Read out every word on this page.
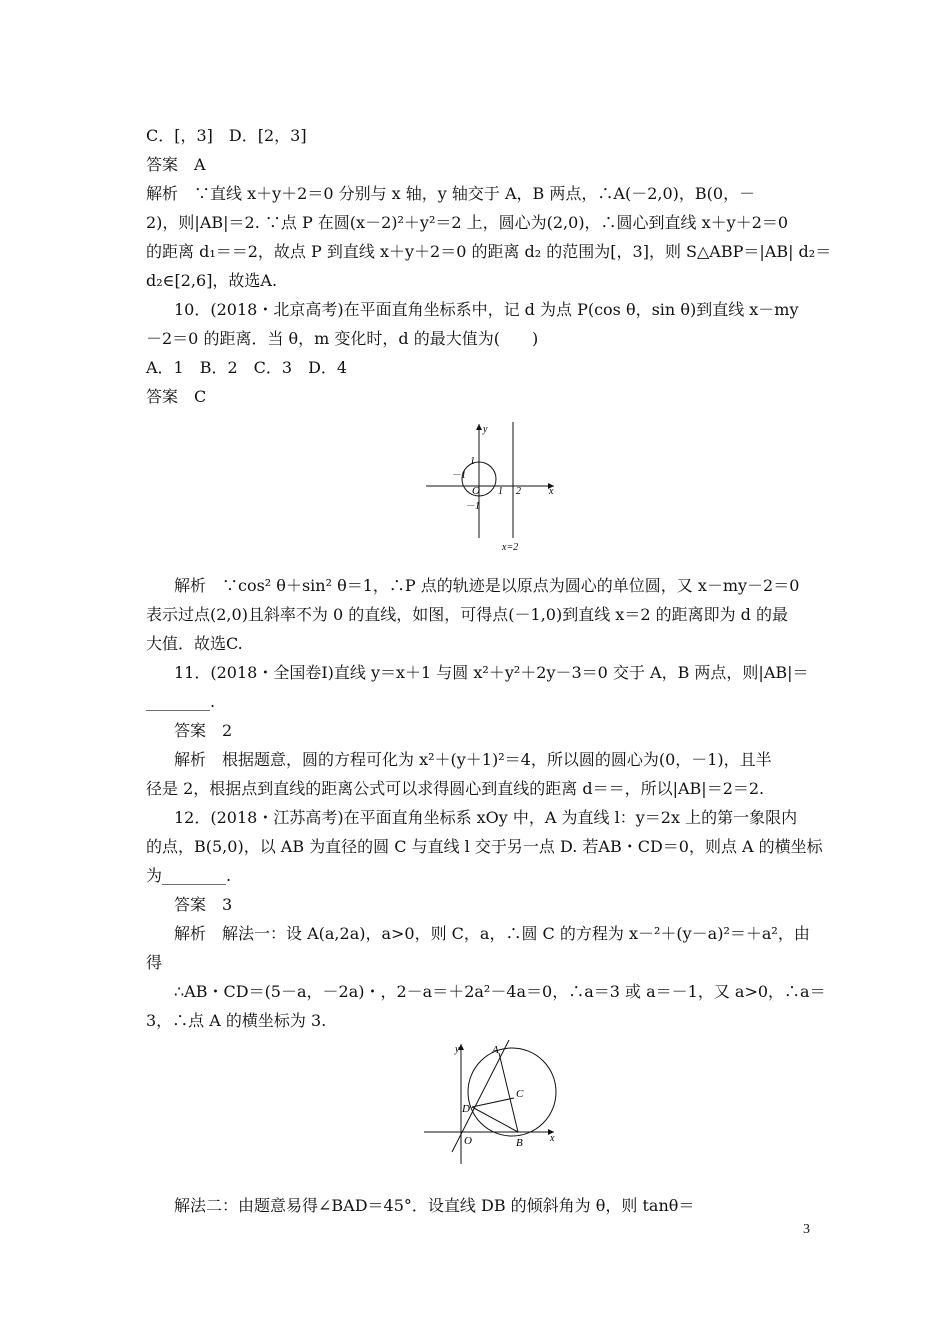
C．[，3]　D．[2，3]
答案　A
解析　∵直线 x＋y＋2＝0 分别与 x 轴，y 轴交于 A，B 两点，∴A(－2,0)，B(0，－
2)，则|AB|＝2. ∵点 P 在圆(x－2)²＋y²＝2 上，圆心为(2,0)，∴圆心到直线 x＋y＋2＝0
的距离 d₁＝＝2，故点 P 到直线 x＋y＋2＝0 的距离 d₂ 的范围为[，3]，则 S△ABP＝|AB| d₂＝
d₂∈[2,6]，故选A.
10．(2018・北京高考)在平面直角坐标系中，记 d 为点 P(cos θ，sin θ)到直线 x－my
－2＝0 的距离．当 θ，m 变化时，d 的最大值为(　　)
A．1　B．2　C．3　D．4
答案　C
y
x
1
－1
O 1 2
－1
x=2
解析　∵cos² θ＋sin² θ＝1，∴P 点的轨迹是以原点为圆心的单位圆，又 x－my－2＝0
表示过点(2,0)且斜率不为 0 的直线，如图，可得点(－1,0)到直线 x＝2 的距离即为 d 的最
大值．故选C.
11．(2018・全国卷Ⅰ)直线 y＝x＋1 与圆 x²＋y²＋2y－3＝0 交于 A，B 两点，则|AB|＝
________.
答案　2
解析　根据题意，圆的方程可化为 x²＋(y＋1)²＝4，所以圆的圆心为(0，－1)，且半
径是 2，根据点到直线的距离公式可以求得圆心到直线的距离 d＝＝，所以|AB|＝2＝2.
12．(2018・江苏高考)在平面直角坐标系 xOy 中，A 为直线 l：y＝2x 上的第一象限内
的点，B(5,0)，以 AB 为直径的圆 C 与直线 l 交于另一点 D. 若AB・CD＝0，则点 A 的横坐标
为________.
答案　3
解析　解法一：设 A(a,2a)，a>0，则 C，a，∴圆 C 的方程为 x－²＋(y－a)²＝＋a²，由
得
∴AB・CD＝(5－a，－2a)・，2－a＝＋2a²－4a＝0，∴a＝3 或 a＝－1，又 a>0，∴a＝
3，∴点 A 的横坐标为 3.
y
x
A
C
D
O	B
解法二：由题意易得∠BAD＝45°．设直线 DB 的倾斜角为 θ，则 tanθ＝
3
